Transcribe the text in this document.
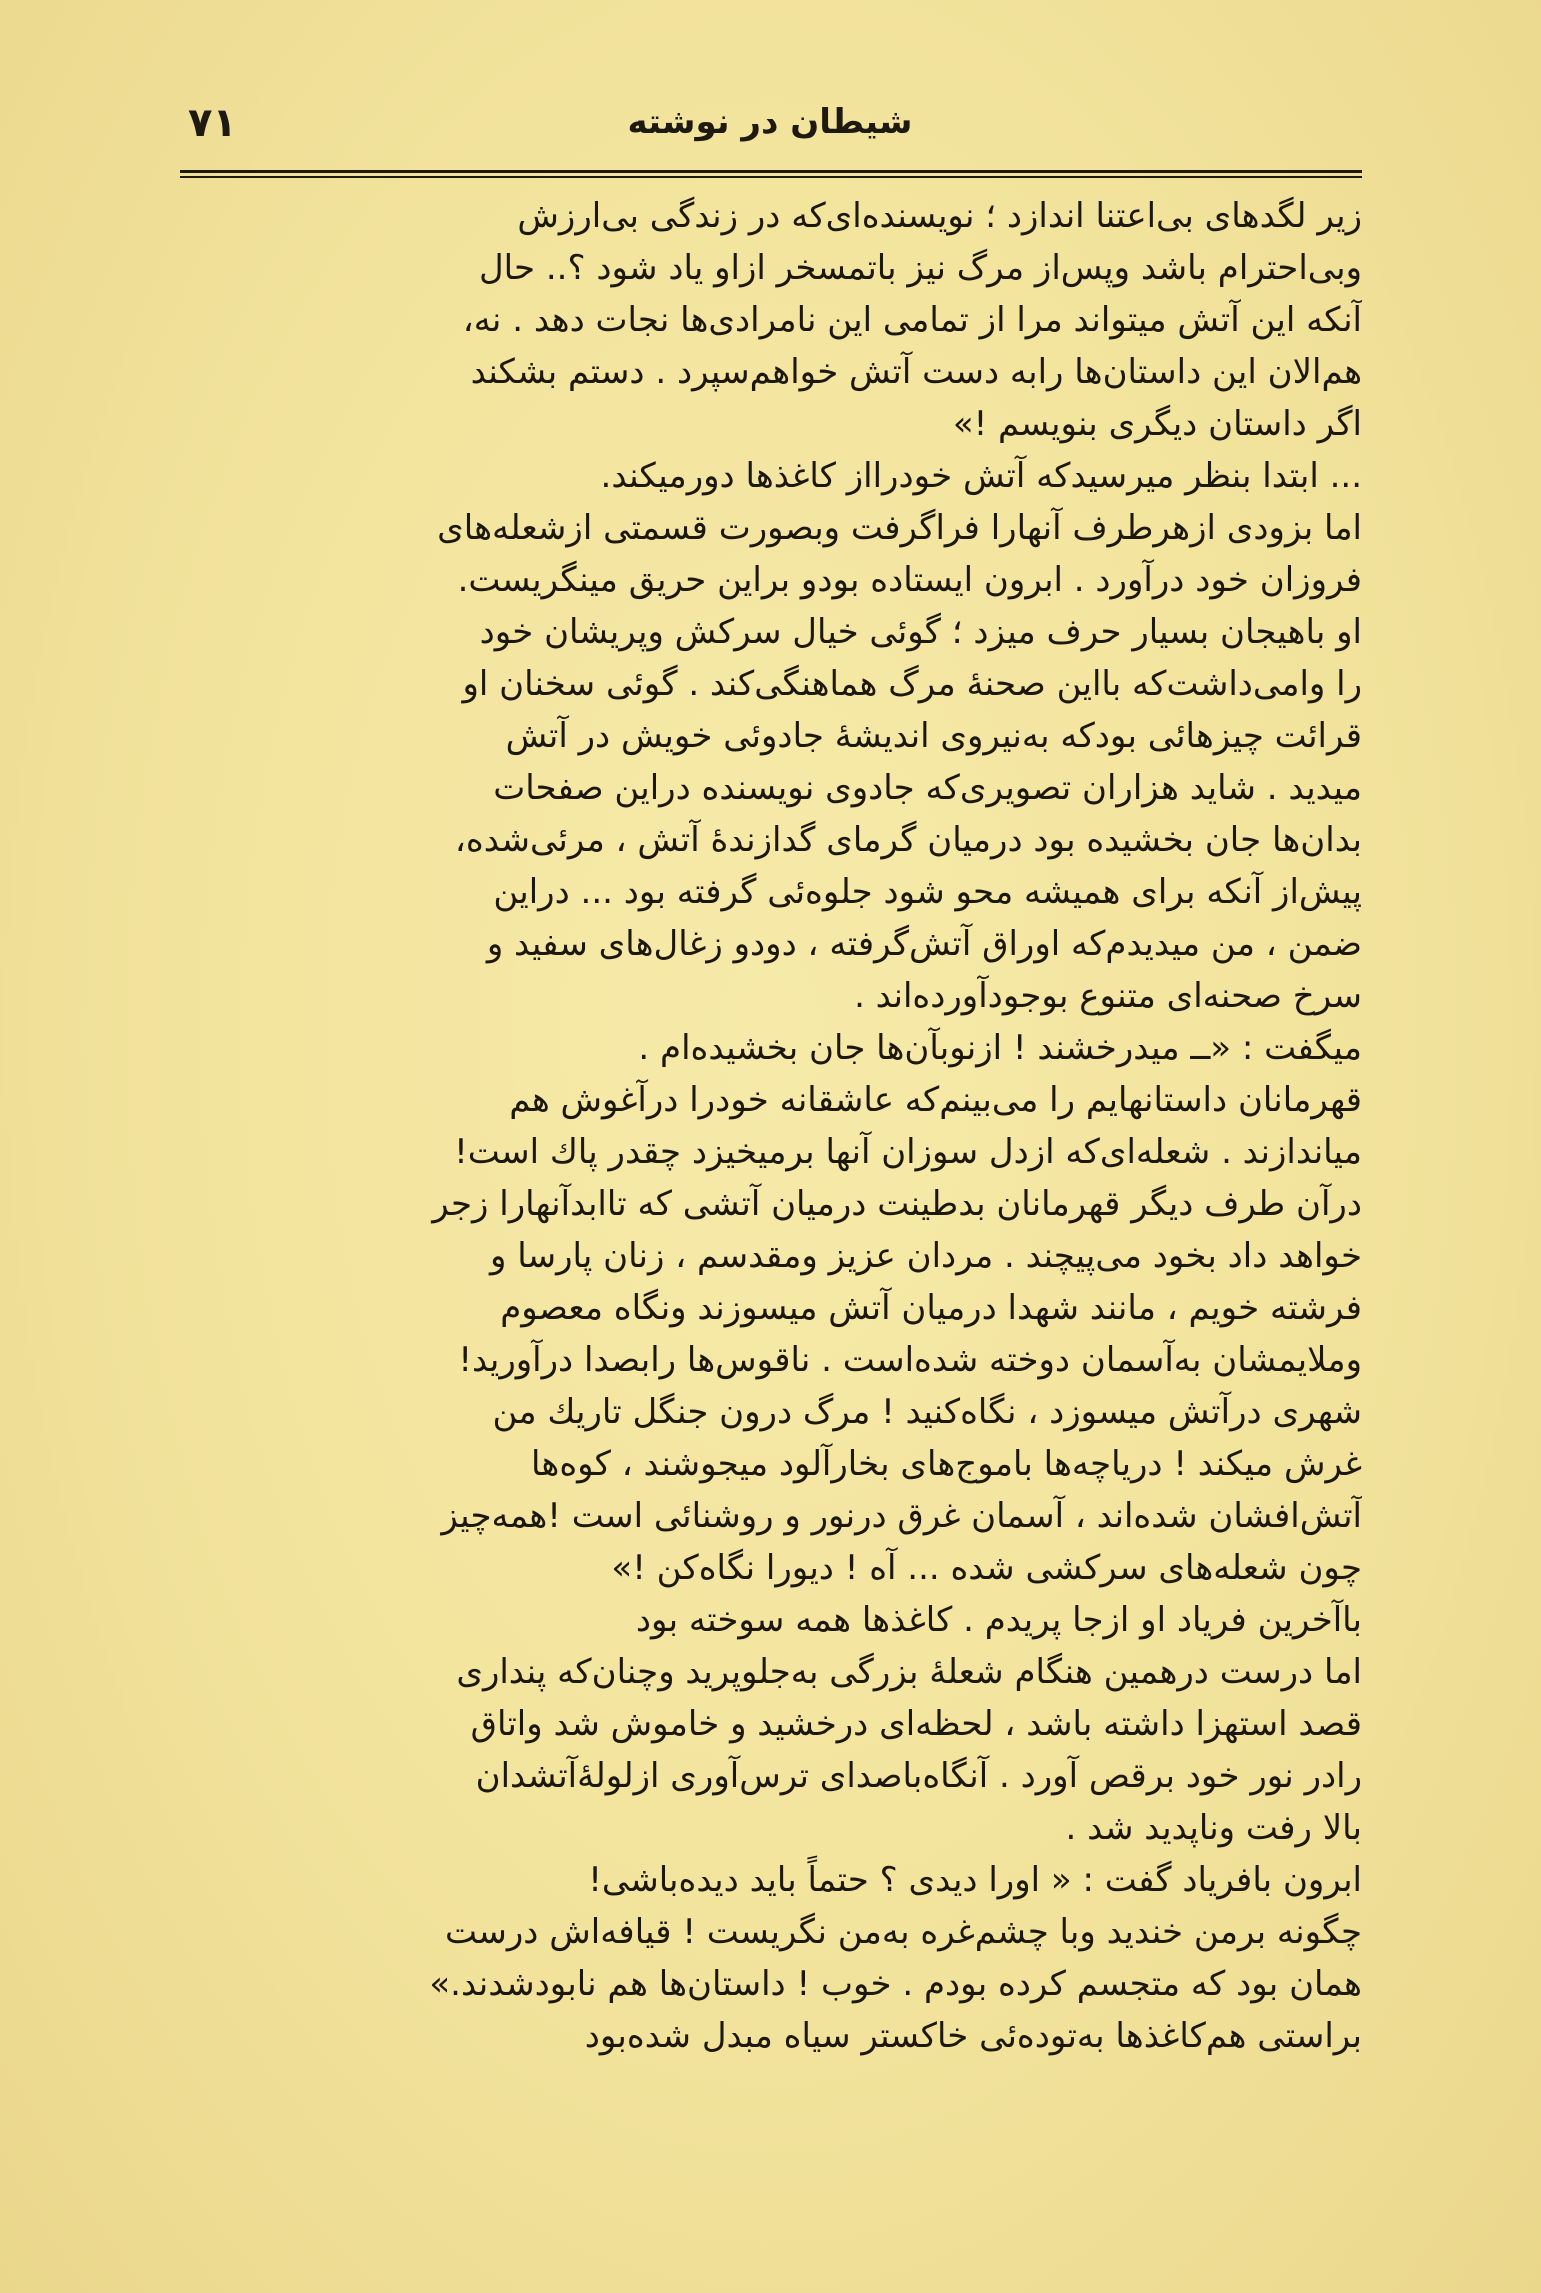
۷۱	شیطان در نوشته
زیر لگدهای بی‌اعتنا اندازد ؛ نویسنده‌ای‌که در زندگی بی‌ارزش
وبی‌احترام باشد وپس‌از مرگ نیز باتمسخر ازاو یاد شود ؟.. حال
آنکه این آتش میتواند مرا از تمامی این نامرادی‌ها نجات دهد . نه،
هم‌الان این داستان‌ها رابه دست آتش خواهم‌سپرد . دستم بشکند
اگر داستان دیگری بنویسم !»
... ابتدا بنظر میرسیدکه آتش خودرااز کاغذها دورمیکند.
اما بزودی ازهرطرف آنهارا فراگرفت وبصورت قسمتی ازشعله‌های
فروزان خود درآورد . ابرون ایستاده بودو براین حریق مینگریست.
او باهیجان بسیار حرف میزد ؛ گوئی خیال سرکش وپریشان خود
را وامی‌داشت‌که بااین صحنهٔ مرگ هماهنگی‌کند . گوئی سخنان او
قرائت چیزهائی بودکه به‌نیروی اندیشهٔ جادوئی خویش در آتش
میدید . شاید هزاران تصویری‌که جادوی نویسنده دراین صفحات
بدان‌ها جان بخشیده بود درمیان گرمای گدازندهٔ آتش ، مرئی‌شده،
پیش‌از آنکه برای همیشه محو شود جلوه‌ئی گرفته بود ... دراین
ضمن ، من میدیدم‌که اوراق آتش‌گرفته ، دودو زغال‌های سفید و
سرخ صحنه‌ای متنوع بوجودآورده‌اند .
میگفت : «ــ میدرخشند ! ازنوبآن‌ها جان بخشیده‌ام .
قهرمانان داستانهایم را می‌بینم‌که عاشقانه خودرا درآغوش هم
میاندازند . شعله‌ای‌که ازدل سوزان آنها برمیخیزد چقدر پاك است!
درآن طرف دیگر قهرمانان بدطینت درمیان آتشی که تاابدآنهارا زجر
خواهد داد بخود می‌پیچند . مردان عزیز ومقدسم ، زنان پارسا و
فرشته خویم ، مانند شهدا درمیان آتش میسوزند ونگاه معصوم
وملایمشان به‌آسمان دوخته شده‌است . ناقوس‌ها رابصدا درآورید!
شهری درآتش میسوزد ، نگاه‌کنید ! مرگ درون جنگل تاریك من
غرش میکند ! دریاچه‌ها باموج‌های بخارآلود میجوشند ، کوه‌ها
آتش‌افشان شده‌اند ، آسمان غرق درنور و روشنائی است !همه‌چیز
چون شعله‌های سرکشی شده ... آه ! دیورا نگاه‌کن !»
باآخرین فریاد او ازجا پریدم . کاغذها همه سوخته بود
اما درست درهمین هنگام شعلهٔ بزرگی به‌جلوپرید وچنان‌که پنداری
قصد استهزا داشته باشد ، لحظه‌ای درخشید و خاموش شد واتاق
رادر نور خود برقص آورد . آنگاه‌باصدای ترس‌آوری ازلولهٔ‌آتشدان
بالا رفت وناپدید شد .
ابرون بافریاد گفت : « اورا دیدی ؟ حتماً باید دیده‌باشی!
چگونه برمن خندید وبا چشم‌غره به‌من نگریست ! قیافه‌اش درست
همان بود که متجسم کرده بودم . خوب ! داستان‌ها هم نابودشدند.»
براستی هم‌کاغذها به‌توده‌ئی خاکستر سیاه مبدل شده‌بود
